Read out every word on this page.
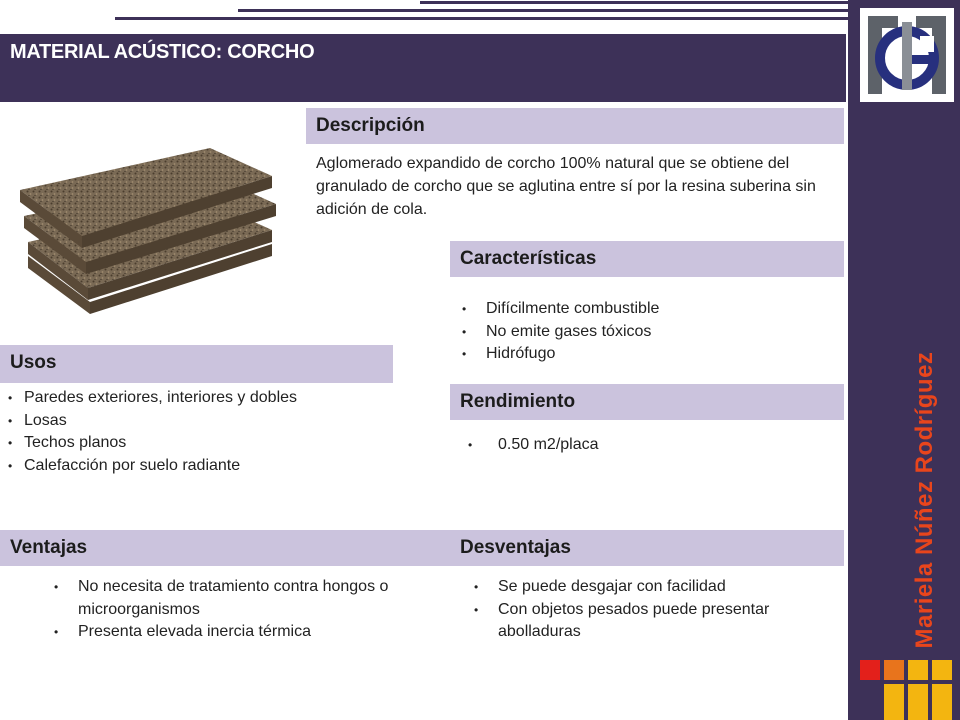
MATERIAL ACÚSTICO: CORCHO
Mariela Núñez Rodríguez
Descripción
Aglomerado expandido de corcho 100% natural que se obtiene del granulado de corcho que se aglutina entre sí por la resina suberina sin adición de cola.
Características
• Difícilmente combustible
• No emite gases tóxicos
• Hidrófugo
Usos
• Paredes exteriores, interiores y dobles
• Losas
• Techos planos
• Calefacción por suelo radiante
Rendimiento
• 0.50 m2/placa
Ventajas	Desventajas
• No necesita de tratamiento contra hongos o microorganismos
• Presenta elevada inercia térmica
• Se puede desgajar con facilidad
• Con objetos pesados puede presentar abolladuras
